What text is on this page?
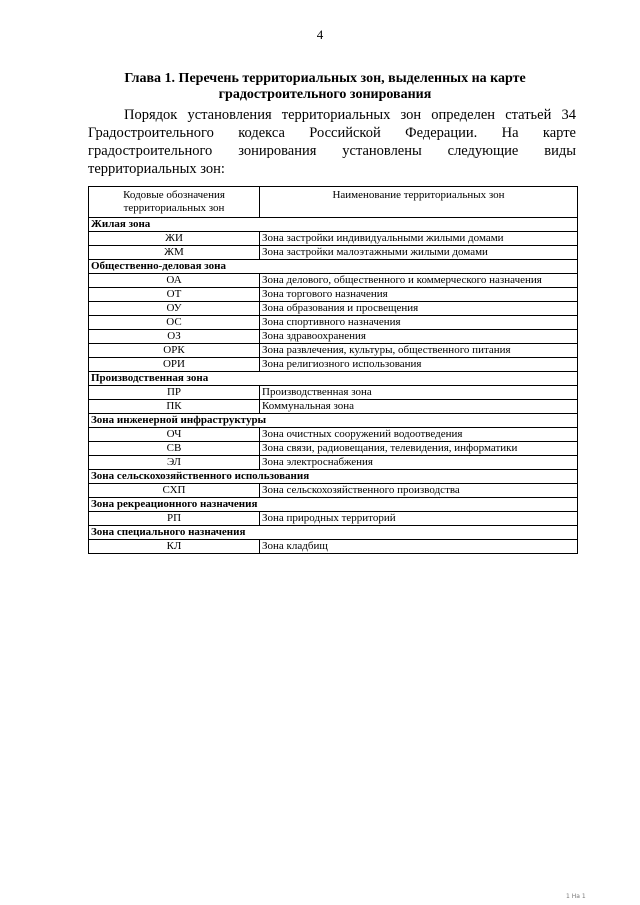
4
Глава 1. Перечень территориальных зон, выделенных на карте градостроительного зонирования
Порядок установления территориальных зон определен статьей 34 Градостроительного кодекса Российской Федерации. На карте градостроительного зонирования установлены следующие виды территориальных зон:
Кодовые обозначения территориальных зон	Наименование территориальных зон
Жилая зона	
ЖИ	Зона застройки индивидуальными жилыми домами
ЖМ	Зона застройки малоэтажными жилыми домами
Общественно-деловая зона	
ОА	Зона делового, общественного и коммерческого назначения
ОТ	Зона торгового назначения
ОУ	Зона образования и просвещения
ОС	Зона спортивного назначения
ОЗ	Зона здравоохранения
ОРК	Зона развлечения, культуры, общественного питания
ОРИ	Зона религиозного использования
Производственная зона	
ПР	Производственная зона
ПК	Коммунальная зона
Зона инженерной инфраструктуры	
ОЧ	Зона очистных сооружений водоотведения
СВ	Зона связи, радиовещания, телевидения, информатики
ЭЛ	Зона электроснабжения
Зона сельскохозяйственного использования	
СХП	Зона сельскохозяйственного производства
Зона рекреационного назначения	
РП	Зона природных территорий
Зона специального назначения	
КЛ	Зона кладбищ
1 На 1
